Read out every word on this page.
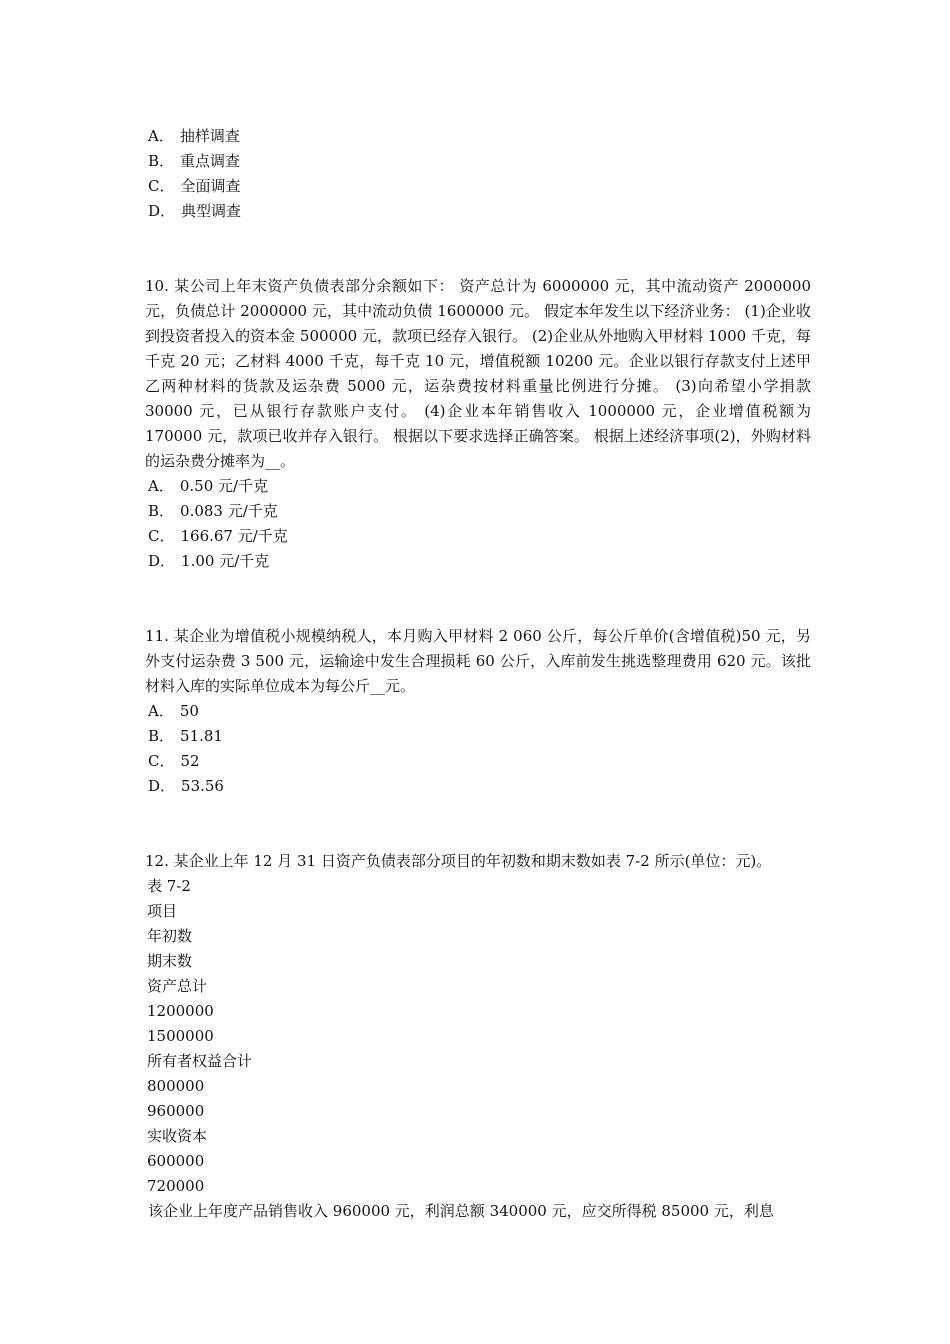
A． 抽样调查
B． 重点调查
C． 全面调查
D． 典型调查

10. 某公司上年末资产负债表部分余额如下： 资产总计为 6000000 元，其中流动资产 2000000 元，负债总计 2000000 元，其中流动负债 1600000 元。 假定本年发生以下经济业务： (1)企业收到投资者投入的资本金 500000 元，款项已经存入银行。 (2)企业从外地购入甲材料 1000 千克，每千克 20 元；乙材料 4000 千克，每千克 10 元，增值税额 10200 元。企业以银行存款支付上述甲乙两种材料的货款及运杂费 5000 元，运杂费按材料重量比例进行分摊。 (3)向希望小学捐款 30000 元，已从银行存款账户支付。 (4)企业本年销售收入 1000000 元，企业增值税额为 170000 元，款项已收并存入银行。 根据以下要求选择正确答案。 根据上述经济事项(2)，外购材料的运杂费分摊率为__。

A． 0.50 元/千克
B． 0.083 元/千克
C． 166.67 元/千克
D． 1.00 元/千克

11. 某企业为增值税小规模纳税人，本月购入甲材料 2 060 公斤，每公斤单价(含增值税)50 元，另外支付运杂费 3 500 元，运输途中发生合理损耗 60 公斤，入库前发生挑选整理费用 620 元。该批材料入库的实际单位成本为每公斤__元。

A． 50
B． 51.81
C． 52
D． 53.56

12. 某企业上年 12 月 31 日资产负债表部分项目的年初数和期末数如表 7-2 所示(单位：元)。

表 7-2
项目
年初数
期末数
资产总计
1200000
1500000
所有者权益合计
800000
960000
实收资本
600000
720000
该企业上年度产品销售收入 960000 元，利润总额 340000 元，应交所得税 85000 元，利息
